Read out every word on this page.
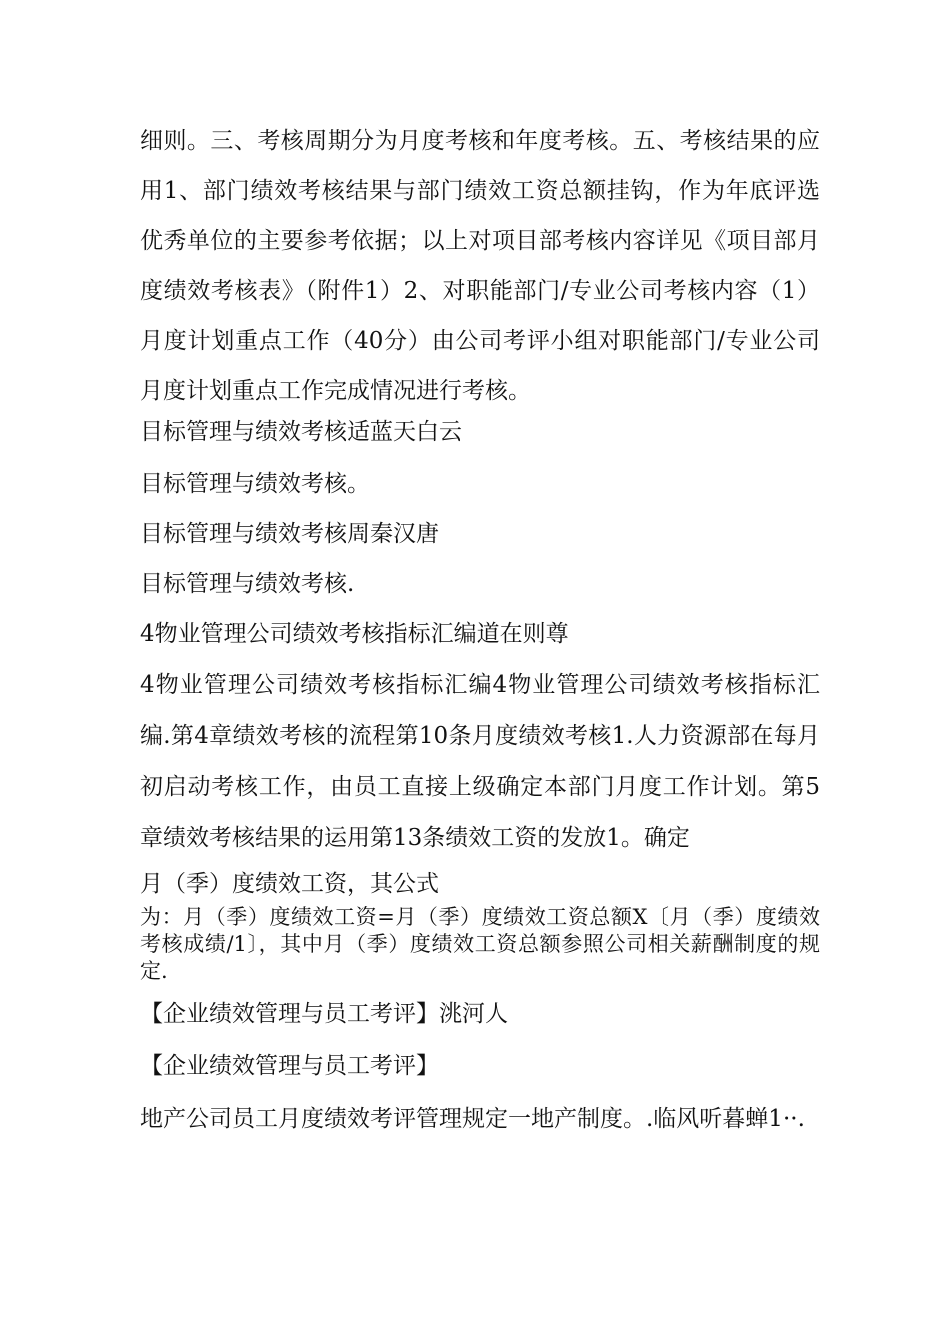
细则。三、考核周期分为月度考核和年度考核。五、考核结果的应用1、部门绩效考核结果与部门绩效工资总额挂钩，作为年底评选优秀单位的主要参考依据；以上对项目部考核内容详见《项目部月度绩效考核表》（附件1）2、对职能部门/专业公司考核内容（1）月度计划重点工作（40分）由公司考评小组对职能部门/专业公司月度计划重点工作完成情况进行考核。

目标管理与绩效考核适蓝天白云

目标管理与绩效考核。

目标管理与绩效考核周秦汉唐

目标管理与绩效考核.

4物业管理公司绩效考核指标汇编道在则尊

4物业管理公司绩效考核指标汇编4物业管理公司绩效考核指标汇编.第4章绩效考核的流程第10条月度绩效考核1.人力资源部在每月初启动考核工作，由员工直接上级确定本部门月度工作计划。第5章绩效考核结果的运用第13条绩效工资的发放1。确定

月（季）度绩效工资，其公式

为：月（季）度绩效工资=月（季）度绩效工资总额X〔月（季）度绩效考核成绩/1〕，其中月（季）度绩效工资总额参照公司相关薪酬制度的规定.

【企业绩效管理与员工考评】洮河人

【企业绩效管理与员工考评】

地产公司员工月度绩效考评管理规定一地产制度。.临风听暮蝉1··.
